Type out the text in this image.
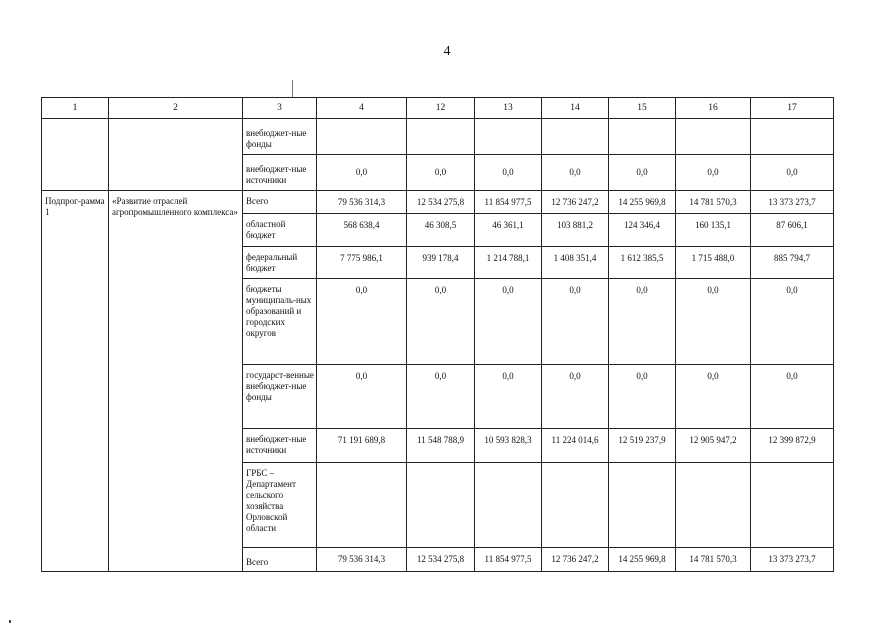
4
1	2	3	4	12	13	14	15	16	17
		внебюджет-ные фонды							
		внебюджет-ные источники	0,0	0,0	0,0	0,0	0,0	0,0	0,0
Подпрог-рамма 1	«Развитие отраслей агропромышленного комплекса»	Всего	79 536 314,3	12 534 275,8	11 854 977,5	12 736 247,2	14 255 969,8	14 781 570,3	13 373 273,7
		областной бюджет	568 638,4	46 308,5	46 361,1	103 881,2	124 346,4	160 135,1	87 606,1
		федеральный бюджет	7 775 986,1	939 178,4	1 214 788,1	1 408 351,4	1 612 385,5	1 715 488,0	885 794,7
		бюджеты муниципаль-ных образований и городских округов	0,0	0,0	0,0	0,0	0,0	0,0	0,0
		государст-венные внебюджет-ные фонды	0,0	0,0	0,0	0,0	0,0	0,0	0,0
		внебюджет-ные источники	71 191 689,8	11 548 788,9	10 593 828,3	11 224 014,6	12 519 237,9	12 905 947,2	12 399 872,9
		ГРБС – Департамент сельского хозяйства Орловской области							
		Всего	79 536 314,3	12 534 275,8	11 854 977,5	12 736 247,2	14 255 969,8	14 781 570,3	13 373 273,7
